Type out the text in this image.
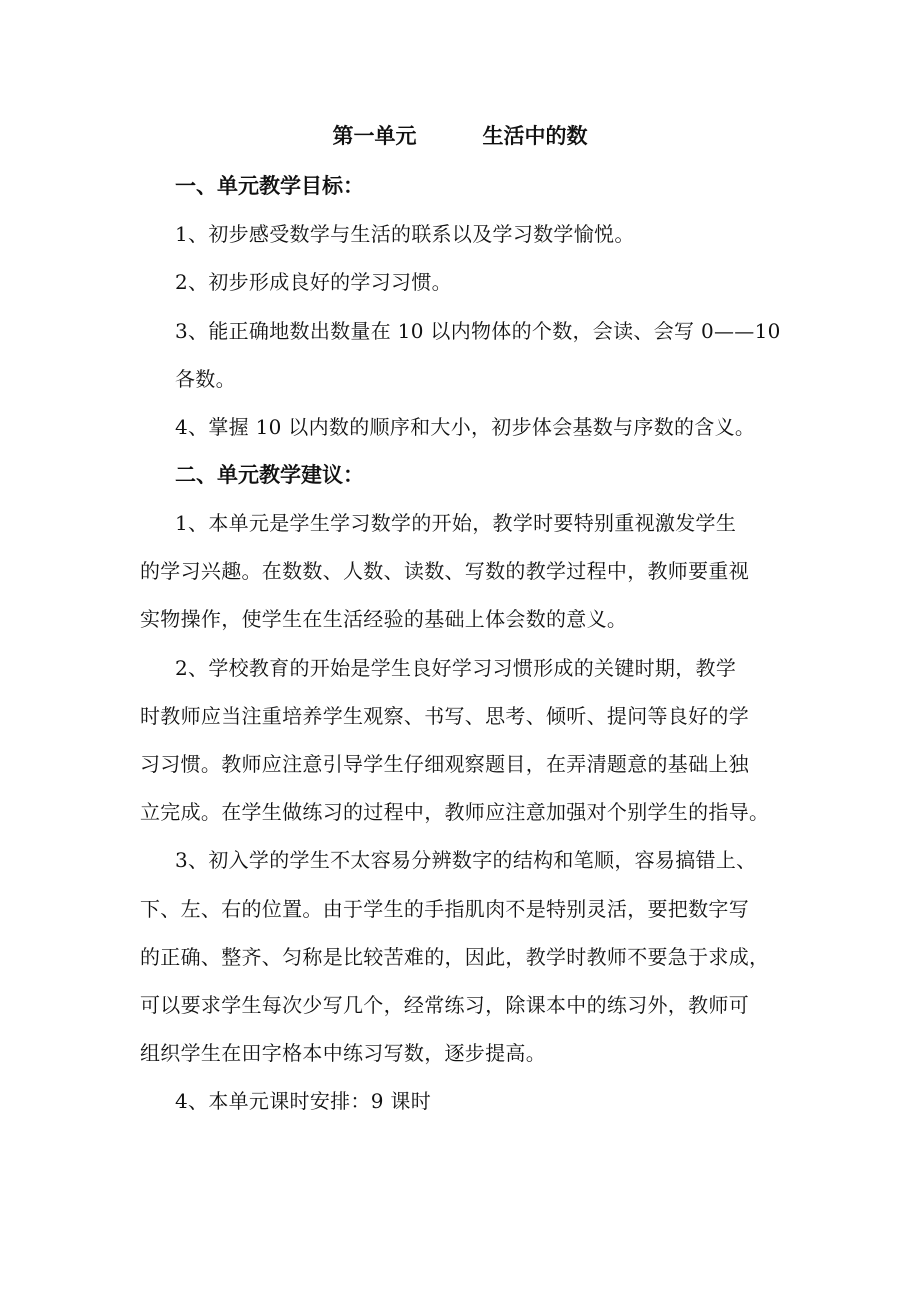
第一单元	生活中的数
一、单元教学目标：
1、初步感受数学与生活的联系以及学习数学愉悦。
2、初步形成良好的学习习惯。
3、能正确地数出数量在 10 以内物体的个数，会读、会写 0——10
各数。
4、掌握 10 以内数的顺序和大小，初步体会基数与序数的含义。
二、单元教学建议：
1、本单元是学生学习数学的开始，教学时要特别重视激发学生
的学习兴趣。在数数、人数、读数、写数的教学过程中，教师要重视
实物操作，使学生在生活经验的基础上体会数的意义。
2、学校教育的开始是学生良好学习习惯形成的关键时期，教学
时教师应当注重培养学生观察、书写、思考、倾听、提问等良好的学
习习惯。教师应注意引导学生仔细观察题目，在弄清题意的基础上独
立完成。在学生做练习的过程中，教师应注意加强对个别学生的指导。
3、初入学的学生不太容易分辨数字的结构和笔顺，容易搞错上、
下、左、右的位置。由于学生的手指肌肉不是特别灵活，要把数字写
的正确、整齐、匀称是比较苦难的，因此，教学时教师不要急于求成，
可以要求学生每次少写几个，经常练习，除课本中的练习外，教师可
组织学生在田字格本中练习写数，逐步提高。
4、本单元课时安排：9 课时
